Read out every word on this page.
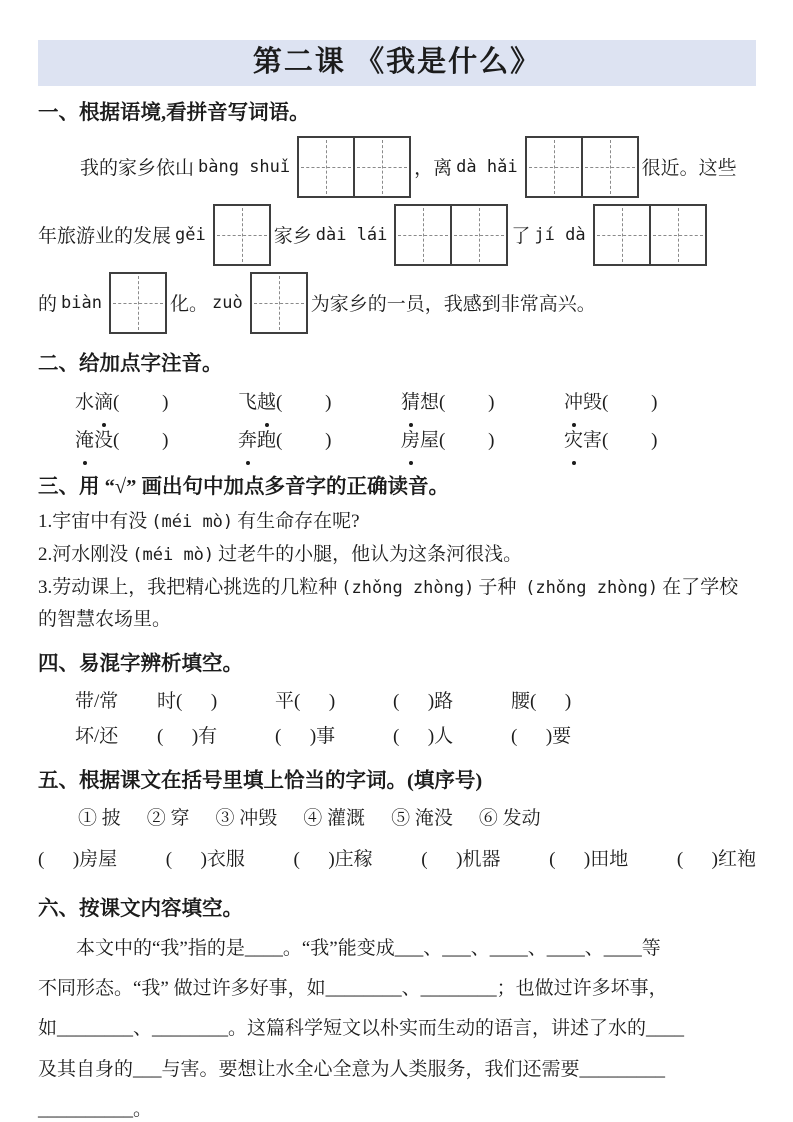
第二课 《我是什么》
一、根据语境,看拼音写词语。
我的家乡依山 bàng shuǐ	，离 dà hǎi	很近。这些
年旅游业的发展 gěi	家乡 dài lái	了 jí dà
的 biàn	化。 zuò	为家乡的一员，我感到非常高兴。
二、给加点字注音。
水滴(         )	飞越(         )	猜想(         )	冲毁(         )
淹没(         )	奔跑(         )	房屋(         )	灾害(         )
三、用 “√” 画出句中加点多音字的正确读音。
1.宇宙中有没 (méi mò) 有生命存在呢?
2.河水刚没 (méi mò) 过老牛的小腿，他认为这条河很浅。
3.劳动课上，我把精心挑选的几粒种 (zhǒng zhòng) 子种 (zhǒng zhòng) 在了学校的智慧农场里。
四、易混字辨析填空。
带/常	时(      )	平(      )	(      )路	腰(      )
坏/还	(      )有	(      )事	(      )人	(      )要
五、根据课文在括号里填上恰当的字词。(填序号)
① 披 ② 穿 ③ 冲毁 ④ 灌溉 ⑤ 淹没 ⑥ 发动
(      )房屋	(      )衣服	(      )庄稼	(      )机器	(      )田地	(      )红袍
六、按课文内容填空。
本文中的“我”指的是____。“我”能变成___、___、____、____、____等
不同形态。“我” 做过许多好事，如________、________；也做过许多坏事，
如________、________。这篇科学短文以朴实而生动的语言，讲述了水的____
及其自身的___与害。要想让水全心全意为人类服务，我们还需要_________
__________。
